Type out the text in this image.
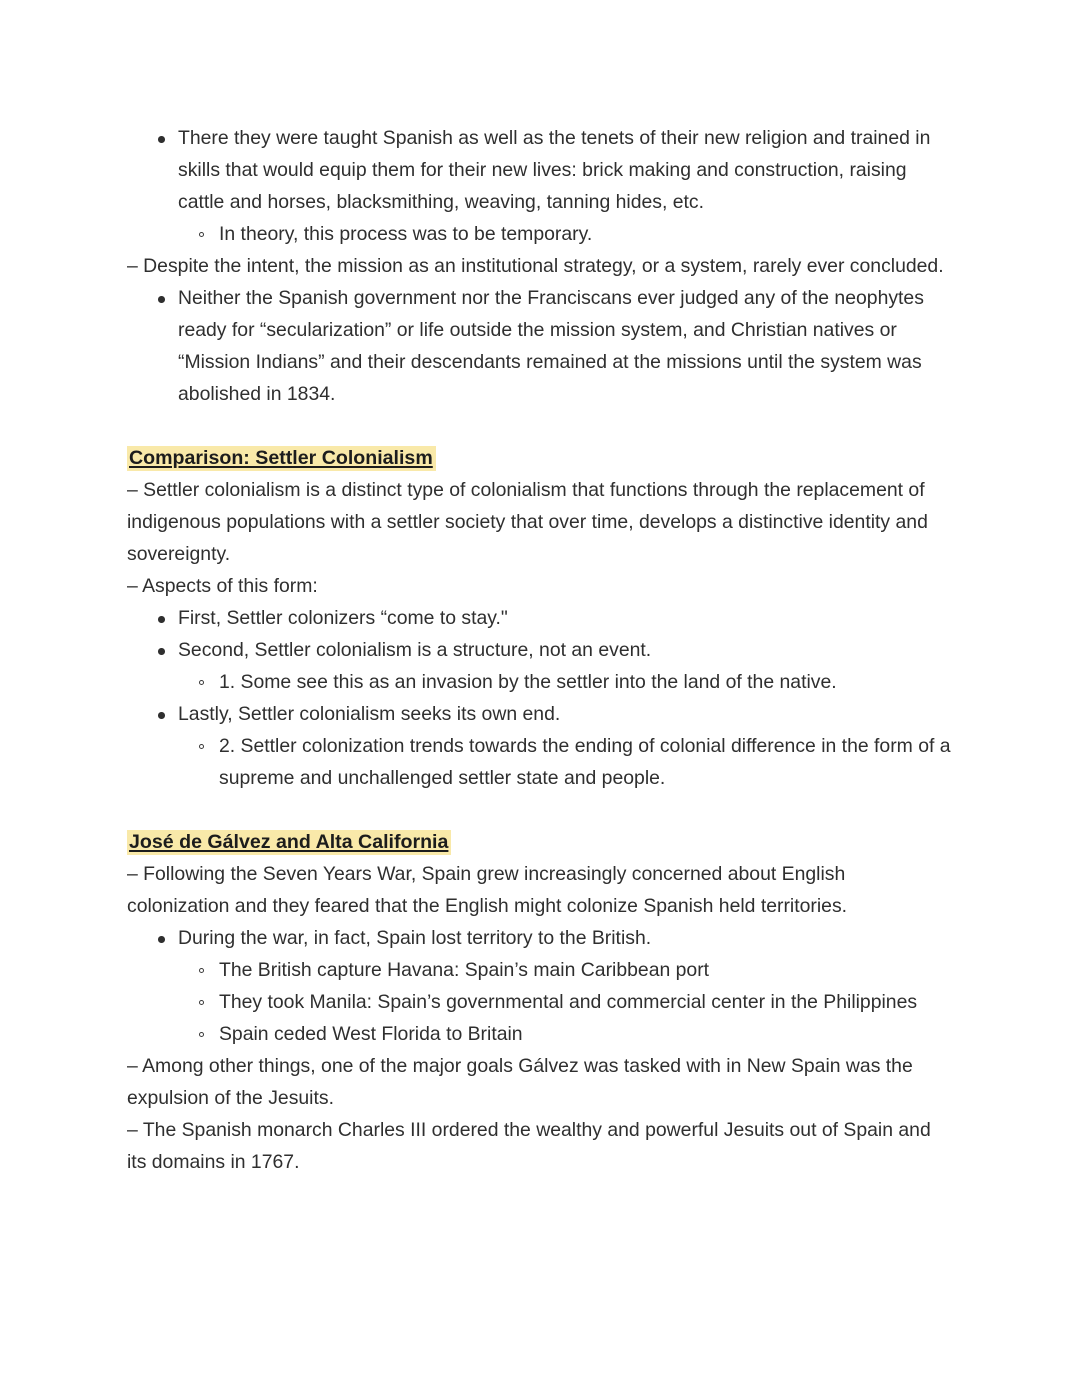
There they were taught Spanish as well as the tenets of their new religion and trained in skills that would equip them for their new lives: brick making and construction, raising cattle and horses, blacksmithing, weaving, tanning hides, etc.
In theory, this process was to be temporary.

– Despite the intent, the mission as an institutional strategy, or a system, rarely ever concluded.

Neither the Spanish government nor the Franciscans ever judged any of the neophytes ready for “secularization” or life outside the mission system, and Christian natives or “Mission Indians” and their descendants remained at the missions until the system was abolished in 1834.
Comparison: Settler Colonialism

– Settler colonialism is a distinct type of colonialism that functions through the replacement of indigenous populations with a settler society that over time, develops a distinctive identity and sovereignty.

– Aspects of this form:

First, Settler colonizers “come to stay."
Second, Settler colonialism is a structure, not an event.
1. Some see this as an invasion by the settler into the land of the native.
Lastly, Settler colonialism seeks its own end.
2. Settler colonization trends towards the ending of colonial difference in the form of a supreme and unchallenged settler state and people.
José de Gálvez and Alta California

– Following the Seven Years War, Spain grew increasingly concerned about English colonization and they feared that the English might colonize Spanish held territories.

During the war, in fact, Spain lost territory to the British.
The British capture Havana: Spain’s main Caribbean port
They took Manila: Spain’s governmental and commercial center in the Philippines
Spain ceded West Florida to Britain

– Among other things, one of the major goals Gálvez was tasked with in New Spain was the expulsion of the Jesuits.

– The Spanish monarch Charles III ordered the wealthy and powerful Jesuits out of Spain and its domains in 1767.
